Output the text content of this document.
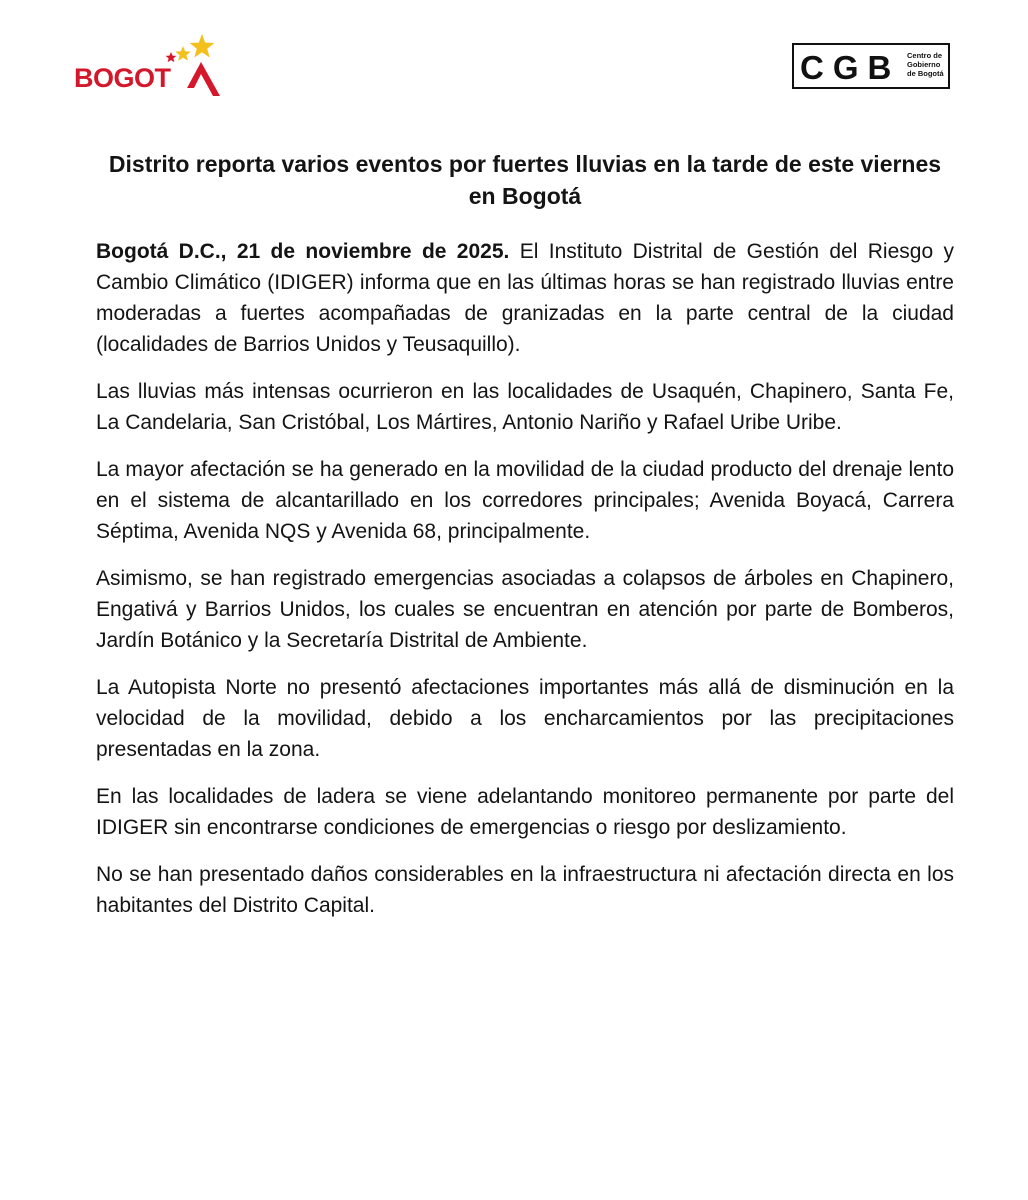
BOGOT	CGB Centro de
Gobierno
de Bogotá
Distrito reporta varios eventos por fuertes lluvias en la tarde de este viernes en Bogotá

Bogotá D.C., 21 de noviembre de 2025. El Instituto Distrital de Gestión del Riesgo y Cambio Climático (IDIGER) informa que en las últimas horas se han registrado lluvias entre moderadas a fuertes acompañadas de granizadas en la parte central de la ciudad (localidades de Barrios Unidos y Teusaquillo).

Las lluvias más intensas ocurrieron en las localidades de Usaquén, Chapinero, Santa Fe, La Candelaria, San Cristóbal, Los Mártires, Antonio Nariño y Rafael Uribe Uribe.

La mayor afectación se ha generado en la movilidad de la ciudad producto del drenaje lento en el sistema de alcantarillado en los corredores principales; Avenida Boyacá, Carrera Séptima, Avenida NQS y Avenida 68, principalmente.

Asimismo, se han registrado emergencias asociadas a colapsos de árboles en Chapinero, Engativá y Barrios Unidos, los cuales se encuentran en atención por parte de Bomberos, Jardín Botánico y la Secretaría Distrital de Ambiente.

La Autopista Norte no presentó afectaciones importantes más allá de disminución en la velocidad de la movilidad, debido a los encharcamientos por las precipitaciones presentadas en la zona.

En las localidades de ladera se viene adelantando monitoreo permanente por parte del IDIGER sin encontrarse condiciones de emergencias o riesgo por deslizamiento.

No se han presentado daños considerables en la infraestructura ni afectación directa en los habitantes del Distrito Capital.
